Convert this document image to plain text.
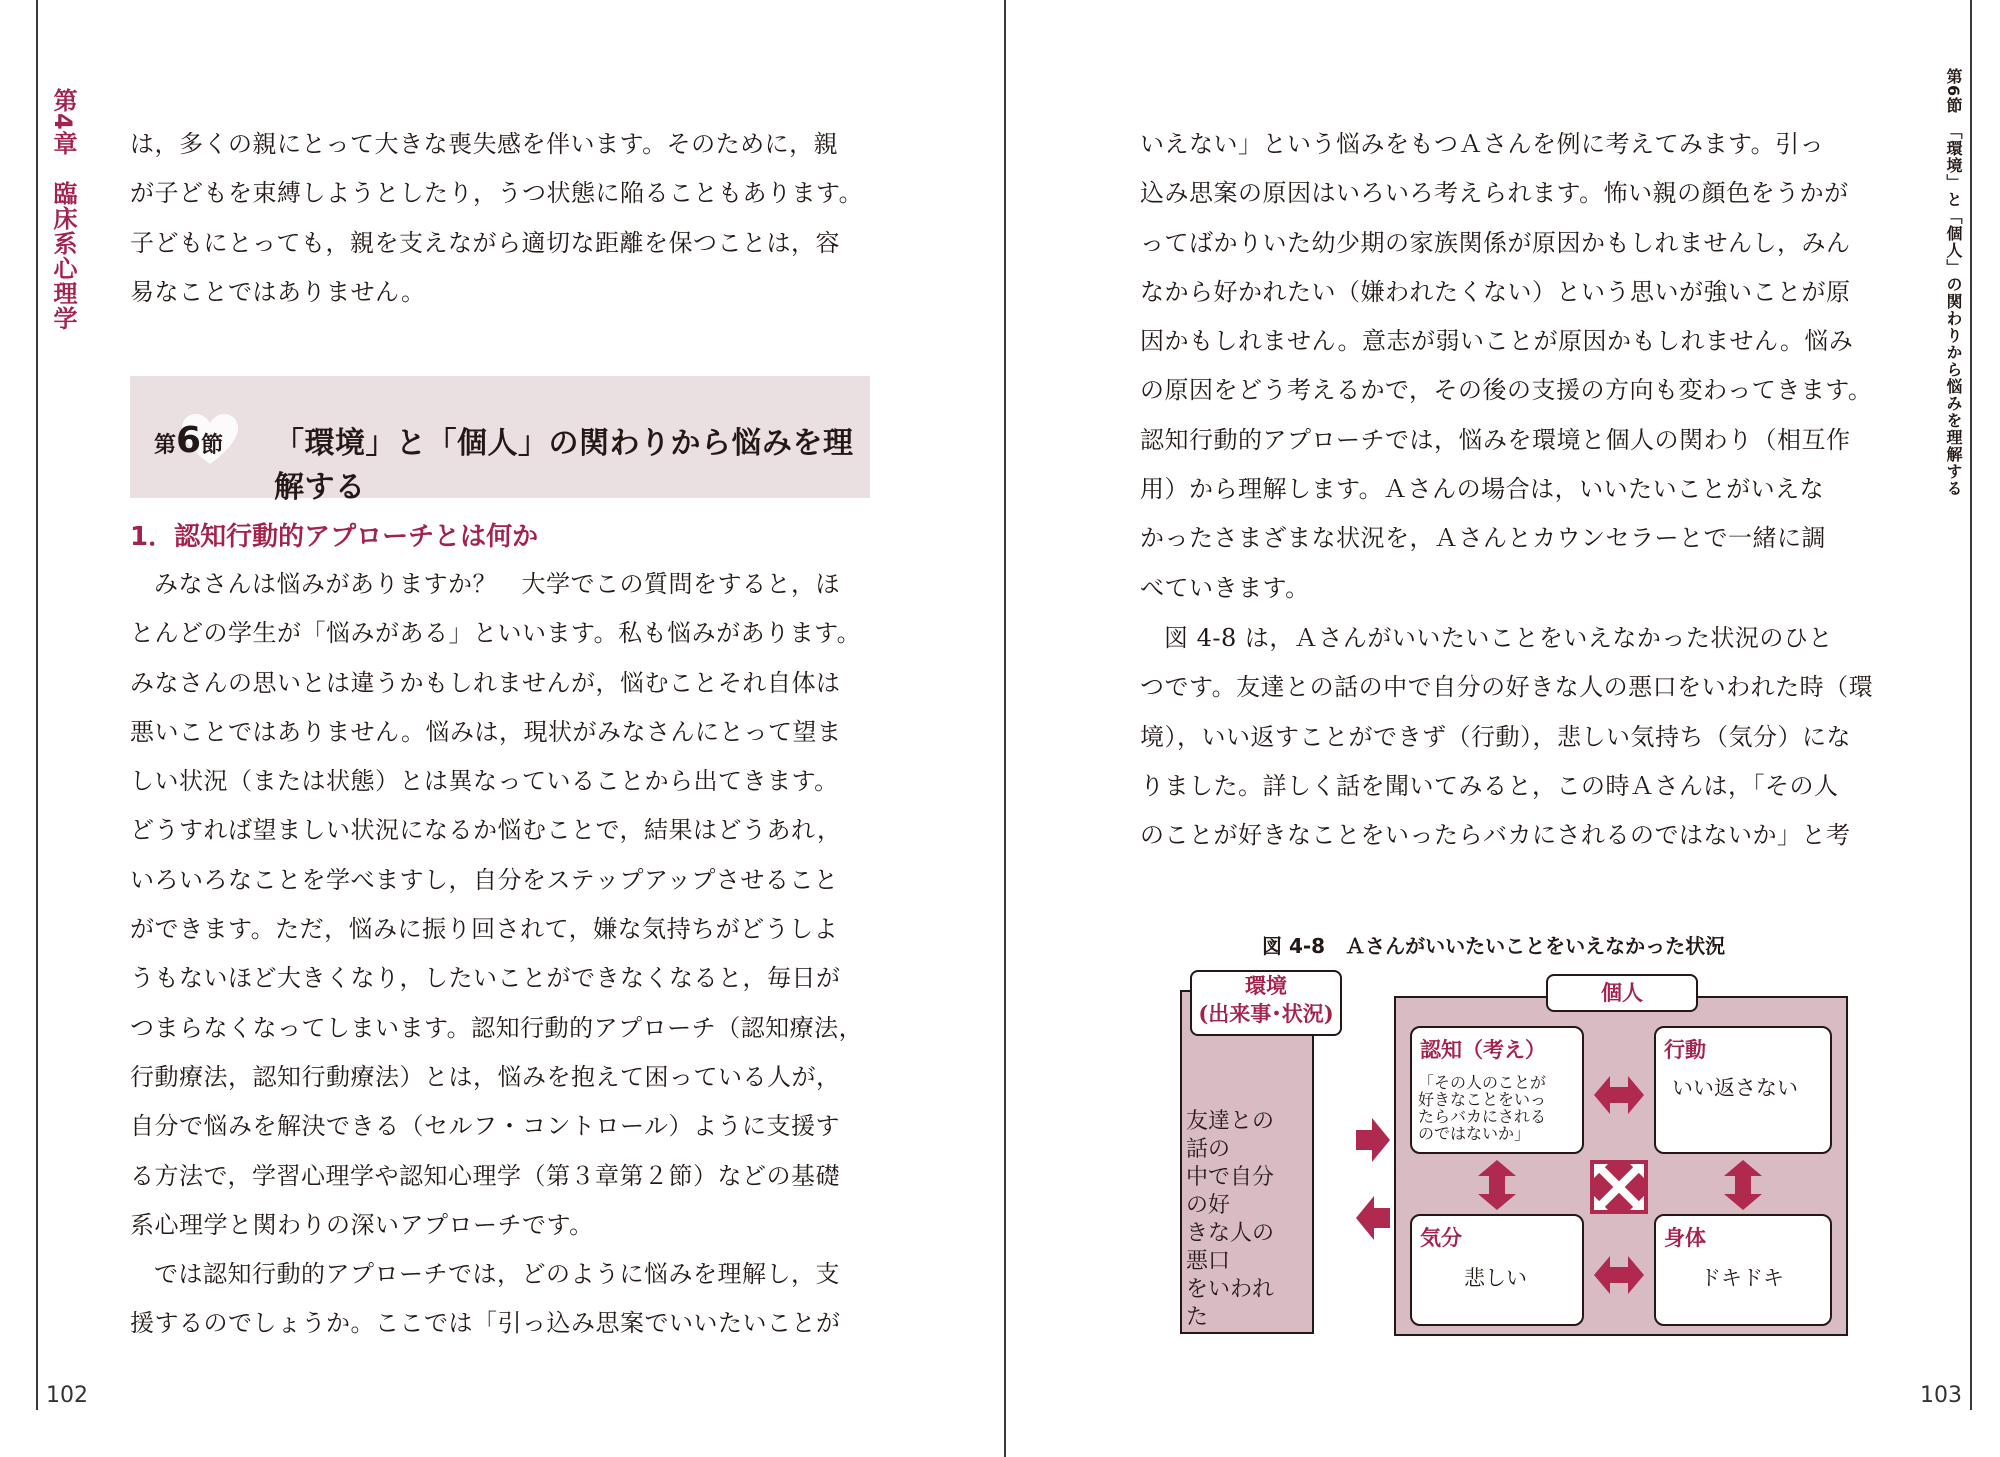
第4章　臨床系心理学 は，多くの親にとって大きな喪失感を伴います。そのために，親
が子どもを束縛しようとしたり，うつ状態に陥ることもあります。
子どもにとっても，親を支えながら適切な距離を保つことは，容
易なことではありません。
第6節 「環境」と「個人」の関わりから悩みを理解する
1．認知行動的アプローチとは何か
みなさんは悩みがありますか？　大学でこの質問をすると，ほ
とんどの学生が「悩みがある」といいます。私も悩みがあります。
みなさんの思いとは違うかもしれませんが，悩むことそれ自体は
悪いことではありません。悩みは，現状がみなさんにとって望ま
しい状況（または状態）とは異なっていることから出てきます。
どうすれば望ましい状況になるか悩むことで，結果はどうあれ，
いろいろなことを学べますし，自分をステップアップさせること
ができます。ただ，悩みに振り回されて，嫌な気持ちがどうしよ
うもないほど大きくなり，したいことができなくなると，毎日が
つまらなくなってしまいます。認知行動的アプローチ（認知療法，
行動療法，認知行動療法）とは，悩みを抱えて困っている人が，
自分で悩みを解決できる（セルフ・コントロール）ように支援す
る方法で，学習心理学や認知心理学（第３章第２節）などの基礎
系心理学と関わりの深いアプローチです。
では認知行動的アプローチでは，どのように悩みを理解し，支
援するのでしょうか。ここでは「引っ込み思案でいいたいことが
102
第6節　「環境」と「個人」の関わりから悩みを理解する
いえない」という悩みをもつＡさんを例に考えてみます。引っ
込み思案の原因はいろいろ考えられます。怖い親の顔色をうかが
ってばかりいた幼少期の家族関係が原因かもしれませんし，みん
なから好かれたい（嫌われたくない）という思いが強いことが原
因かもしれません。意志が弱いことが原因かもしれません。悩み
の原因をどう考えるかで，その後の支援の方向も変わってきます。
認知行動的アプローチでは，悩みを環境と個人の関わり（相互作
用）から理解します。Ａさんの場合は，いいたいことがいえな
かったさまざまな状況を，Ａさんとカウンセラーとで一緒に調
べていきます。
図 4-8 は，Ａさんがいいたいことをいえなかった状況のひと
つです。友達との話の中で自分の好きな人の悪口をいわれた時（環
境），いい返すことができず（行動），悲しい気持ち（気分）にな
りました。詳しく話を聞いてみると，この時Ａさんは，「その人
のことが好きなことをいったらバカにされるのではないか」と考
図 4-8　Ａさんがいいたいことをいえなかった状況
環境
(出来事･状況)
友達との話の
中で自分の好
きな人の悪口
をいわれた
個人
認知（考え）
「その人のことが
好きなことをいっ
たらバカにされる
のではないか」
行動
いい返さない
気分
悲しい
身体
ドキドキ
103
